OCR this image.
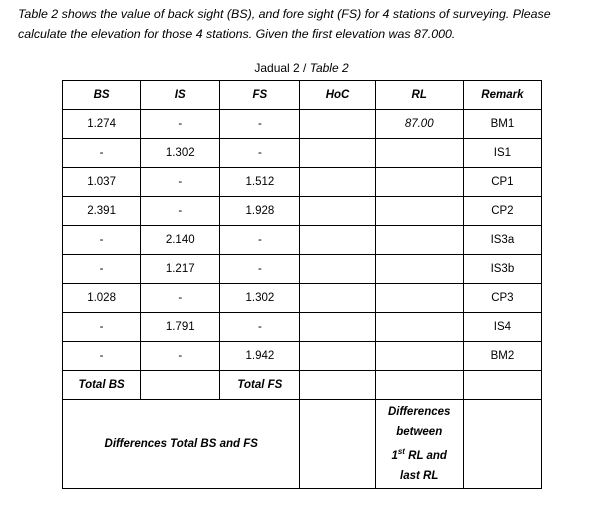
Table 2 shows the value of back sight (BS), and fore sight (FS) for 4 stations of surveying. Please calculate the elevation for those 4 stations. Given the first elevation was 87.000.

Jadual 2 / Table 2
BS	IS	FS	HoC	RL	Remark
1.274	-	-		87.00	BM1
-	1.302	-			IS1
1.037	-	1.512			CP1
2.391	-	1.928			CP2
-	2.140	-			IS3a
-	1.217	-			IS3b
1.028	-	1.302			CP3
-	1.791	-			IS4
-	-	1.942			BM2
Total BS		Total FS			
Differences Total BS and FS				Differences
between
1st RL and
last RL	
